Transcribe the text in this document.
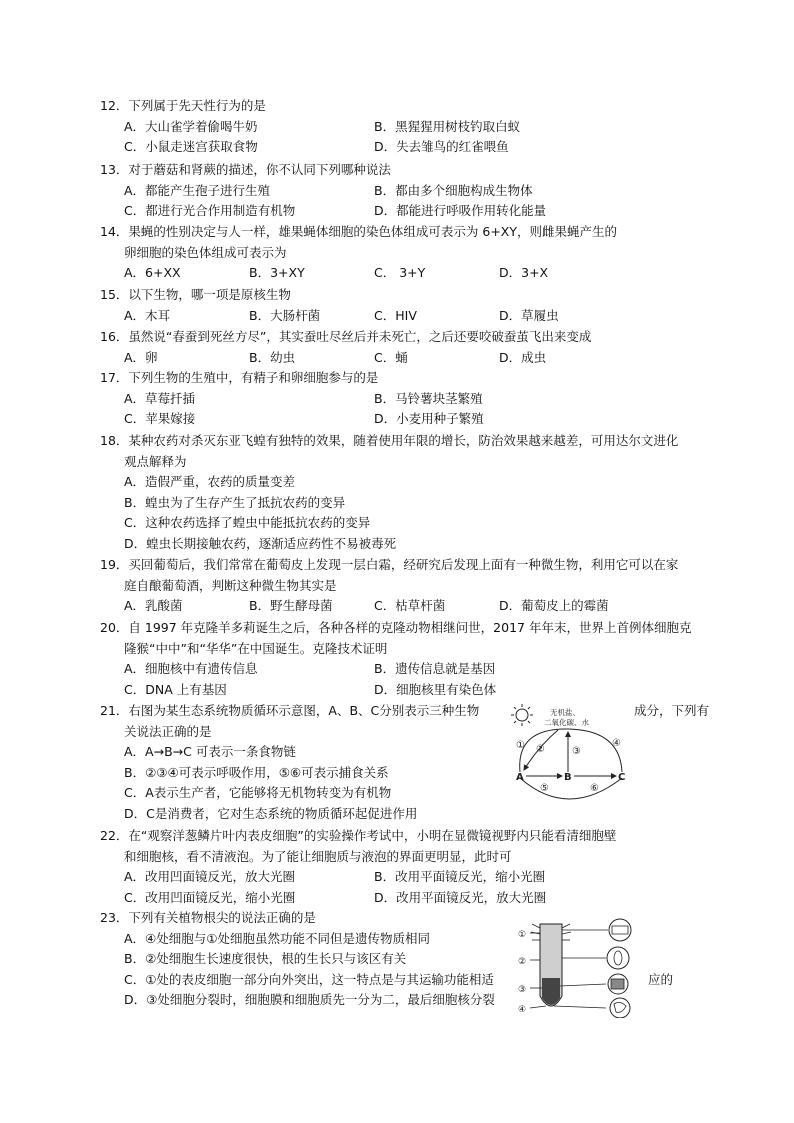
12．下列属于先天性行为的是
A．大山雀学着偷喝牛奶	B．黑猩猩用树枝钓取白蚁
C．小鼠走迷宫获取食物	D．失去雏鸟的红雀喂鱼
13．对于蘑菇和肾蕨的描述，你不认同下列哪种说法
A．都能产生孢子进行生殖	B．都由多个细胞构成生物体
C．都进行光合作用制造有机物	D．都能进行呼吸作用转化能量
14．果蝇的性别决定与人一样，雄果蝇体细胞的染色体组成可表示为 6+XY，则雌果蝇产生的
卵细胞的染色体组成可表示为
A．6+XX	B．3+XY	C． 3+Y	D．3+X
15．以下生物，哪一项是原核生物
A．木耳	B．大肠杆菌	C．HIV	D．草履虫
16．虽然说“春蚕到死丝方尽”，其实蚕吐尽丝后并未死亡，之后还要咬破蚕茧飞出来变成
A．卵	B．幼虫	C．蛹	D．成虫
17．下列生物的生殖中，有精子和卵细胞参与的是
A．草莓扦插	B．马铃薯块茎繁殖
C．苹果嫁接	D．小麦用种子繁殖
18．某种农药对杀灭东亚飞蝗有独特的效果，随着使用年限的增长，防治效果越来越差，可用达尔文进化
观点解释为
A．造假严重，农药的质量变差
B．蝗虫为了生存产生了抵抗农药的变异
C．这种农药选择了蝗虫中能抵抗农药的变异
D．蝗虫长期接触农药，逐渐适应药性不易被毒死
19．买回葡萄后，我们常常在葡萄皮上发现一层白霜，经研究后发现上面有一种微生物，利用它可以在家
庭自酿葡萄酒，判断这种微生物其实是
A．乳酸菌	B．野生酵母菌	C．枯草杆菌	D．葡萄皮上的霉菌
20．自 1997 年克隆羊多莉诞生之后，各种各样的克隆动物相继问世，2017 年年末，世界上首例体细胞克
隆猴“中中”和“华华”在中国诞生。克隆技术证明
A．细胞核中有遗传信息	B．遗传信息就是基因
C．DNA 上有基因	D．细胞核里有染色体
21．右图为某生态系统物质循环示意图，A、B、C分别表示三种生物
关说法正确的是
A．A→B→C 可表示一条食物链
B．②③④可表示呼吸作用，⑤⑥可表示捕食关系
C．A表示生产者，它能够将无机物转变为有机物
D．C是消费者，它对生态系统的物质循环起促进作用
成分，下列有
无机盐、
二氧化碳、水
A	B	C
① ②	③
④
⑤	⑥
22．在“观察洋葱鳞片叶内表皮细胞”的实验操作考试中，小明在显微镜视野内只能看清细胞壁
和细胞核，看不清液泡。为了能让细胞质与液泡的界面更明显，此时可
A．改用凹面镜反光，放大光圈	B．改用平面镜反光，缩小光圈
C．改用凹面镜反光，缩小光圈	D．改用平面镜反光，放大光圈
23．下列有关植物根尖的说法正确的是
A．④处细胞与①处细胞虽然功能不同但是遗传物质相同
B．②处细胞生长速度很快，根的生长只与该区有关
C．①处的表皮细胞一部分向外突出，这一特点是与其运输功能相适
D．③处细胞分裂时，细胞膜和细胞质先一分为二，最后细胞核分裂
应的
①
②
③
④
